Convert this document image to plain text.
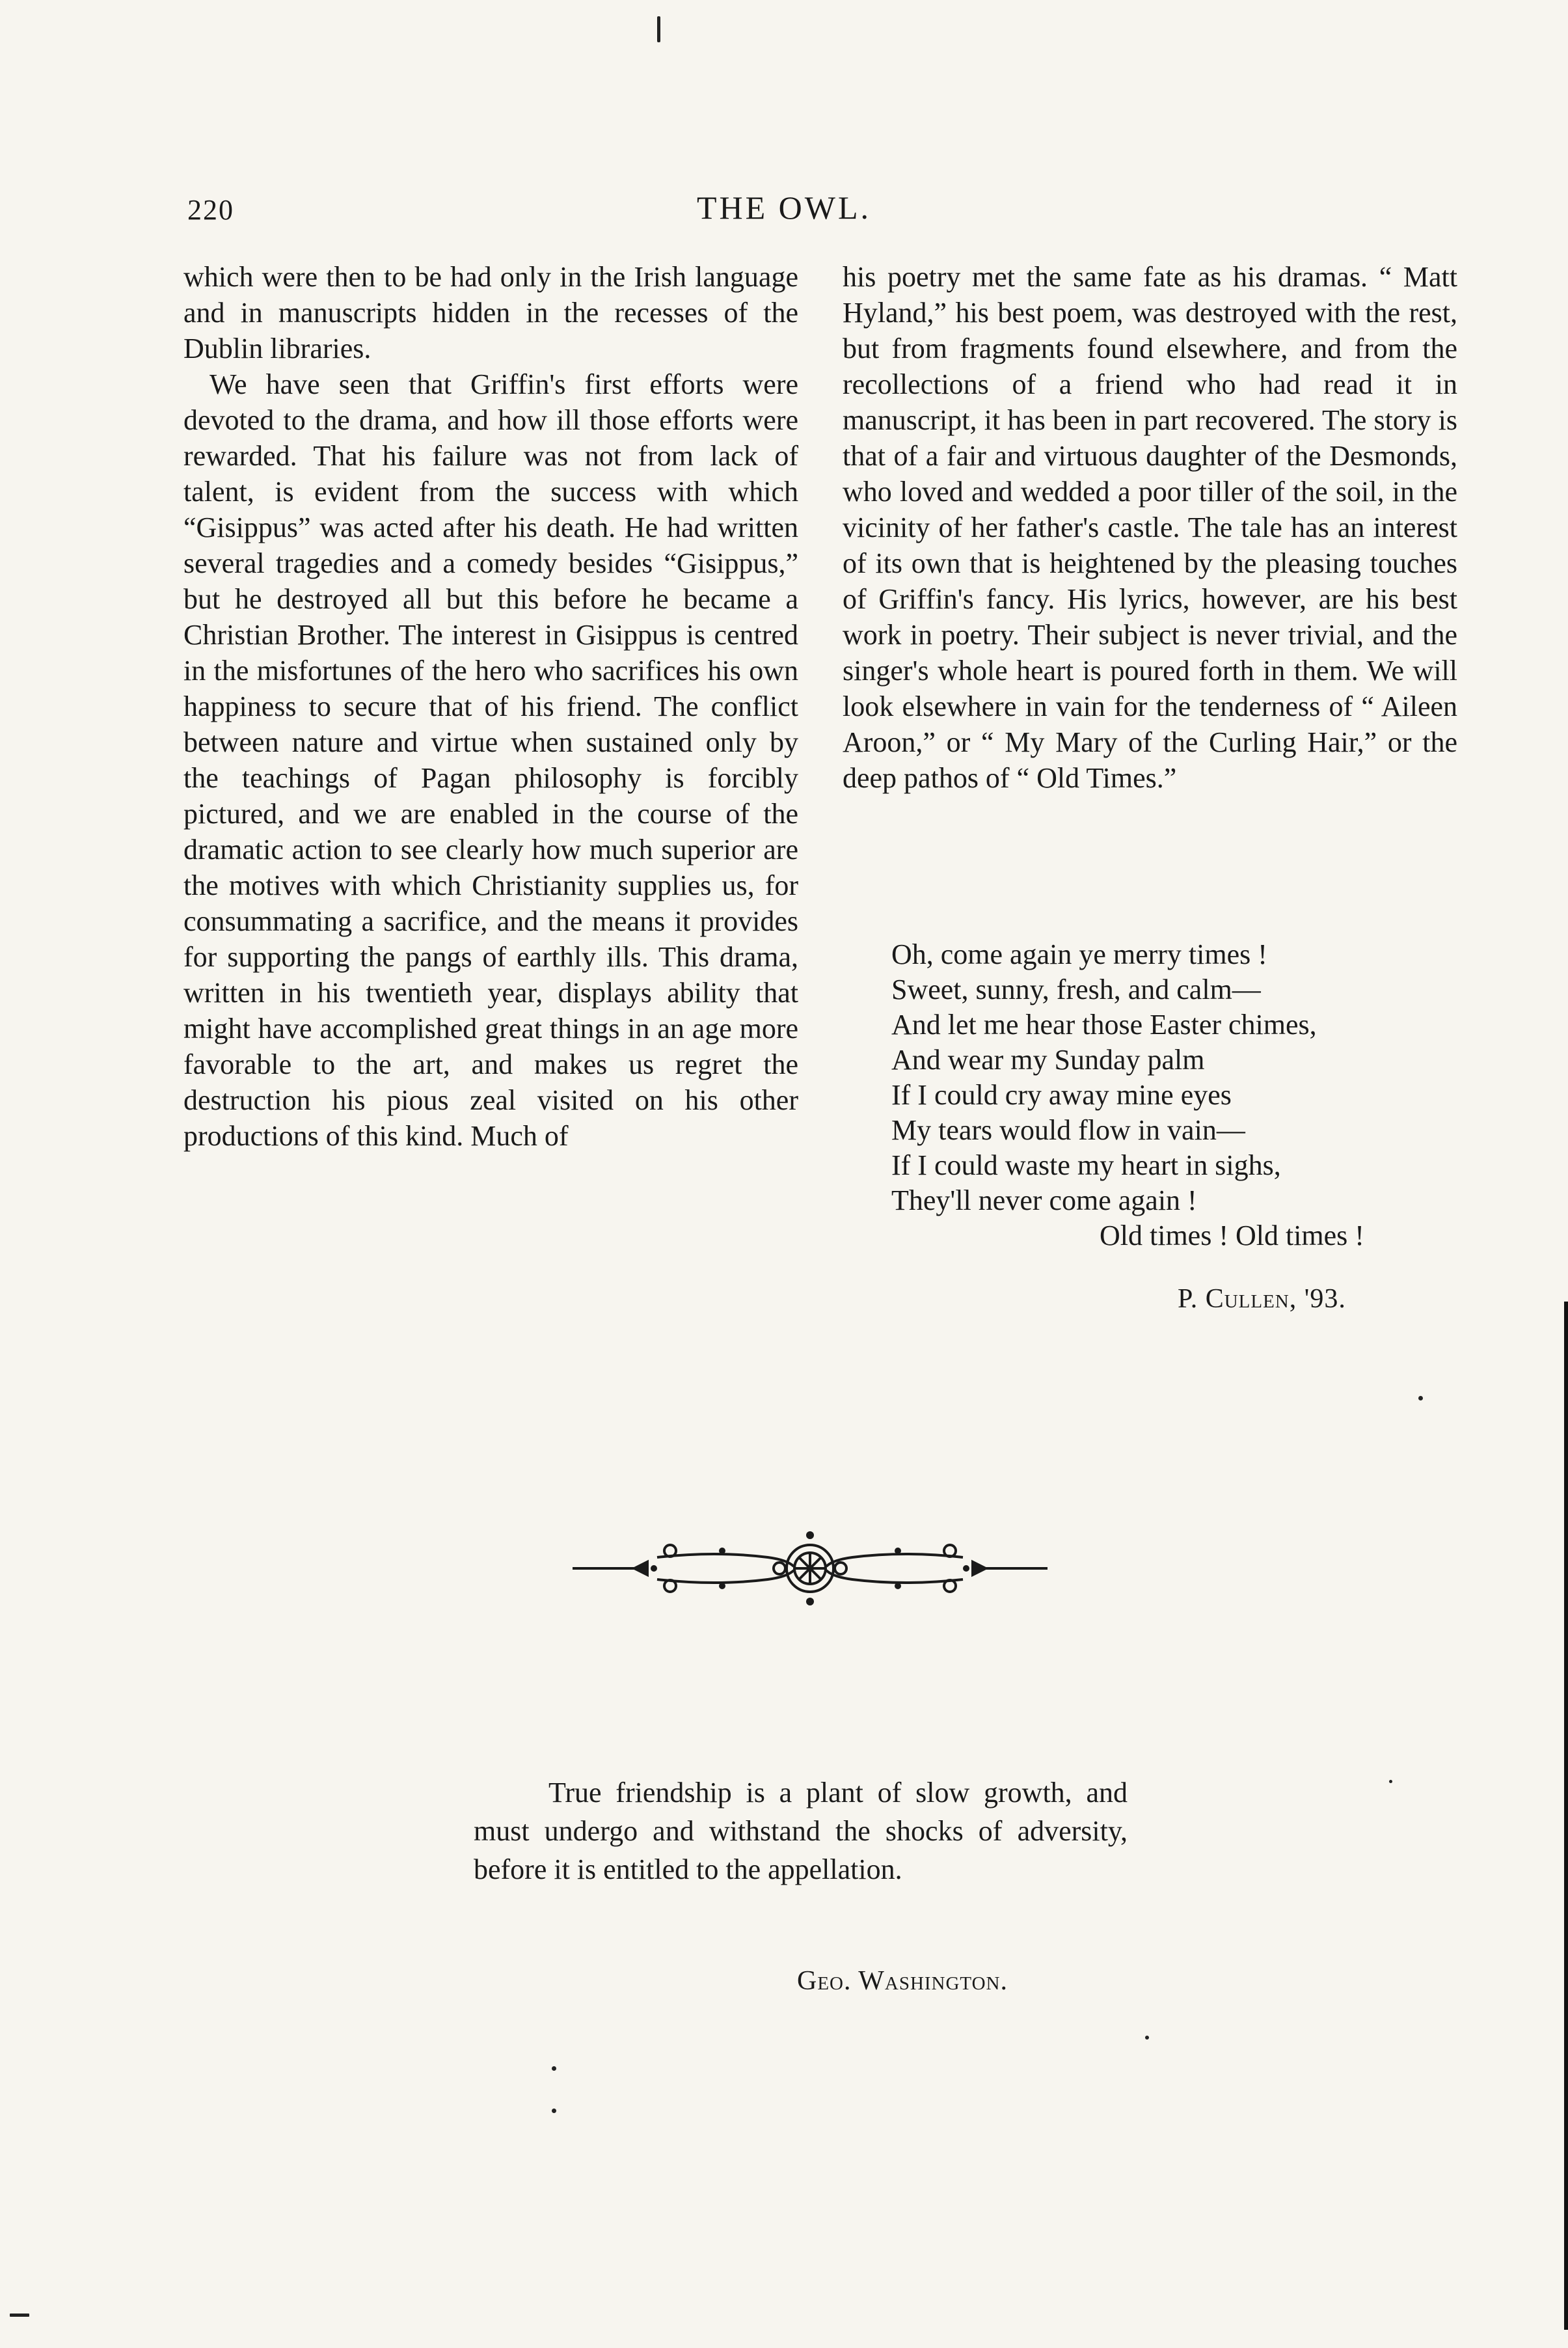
220	THE OWL.

which were then to be had only in the Irish language and in manuscripts hidden in the recesses of the Dublin libraries.

We have seen that Griffin's first efforts were devoted to the drama, and how ill those efforts were rewarded. That his failure was not from lack of talent, is evident from the success with which “Gisippus” was acted after his death. He had written several tragedies and a comedy besides “Gisippus,” but he destroyed all but this before he became a Christian Brother. The interest in Gisippus is centred in the misfortunes of the hero who sacrifices his own happiness to secure that of his friend. The conflict between nature and virtue when sustained only by the teachings of Pagan philosophy is forcibly pictured, and we are enabled in the course of the dramatic action to see clearly how much superior are the motives with which Christianity supplies us, for consummating a sacrifice, and the means it provides for supporting the pangs of earthly ills. This drama, written in his twentieth year, displays ability that might have accomplished great things in an age more favorable to the art, and makes us regret the destruction his pious zeal visited on his other productions of this kind. Much of

his poetry met the same fate as his dramas. “ Matt Hyland,” his best poem, was destroyed with the rest, but from fragments found elsewhere, and from the recollections of a friend who had read it in manuscript, it has been in part recovered. The story is that of a fair and virtuous daughter of the Desmonds, who loved and wedded a poor tiller of the soil, in the vicinity of her father's castle. The tale has an interest of its own that is heightened by the pleasing touches of Griffin's fancy. His lyrics, however, are his best work in poetry. Their subject is never trivial, and the singer's whole heart is poured forth in them. We will look elsewhere in vain for the tenderness of “ Aileen Aroon,” or “ My Mary of the Curling Hair,” or the deep pathos of “ Old Times.”

Oh, come again ye merry times !
Sweet, sunny, fresh, and calm—
And let me hear those Easter chimes,
And wear my Sunday palm
If I could cry away mine eyes
My tears would flow in vain—
If I could waste my heart in sighs,
They'll never come again !
Old times ! Old times !
P. Cullen, '93.
True friendship is a plant of slow growth, and must undergo and withstand the shocks of adversity, before it is entitled to the appellation.
Geo. Washington.
